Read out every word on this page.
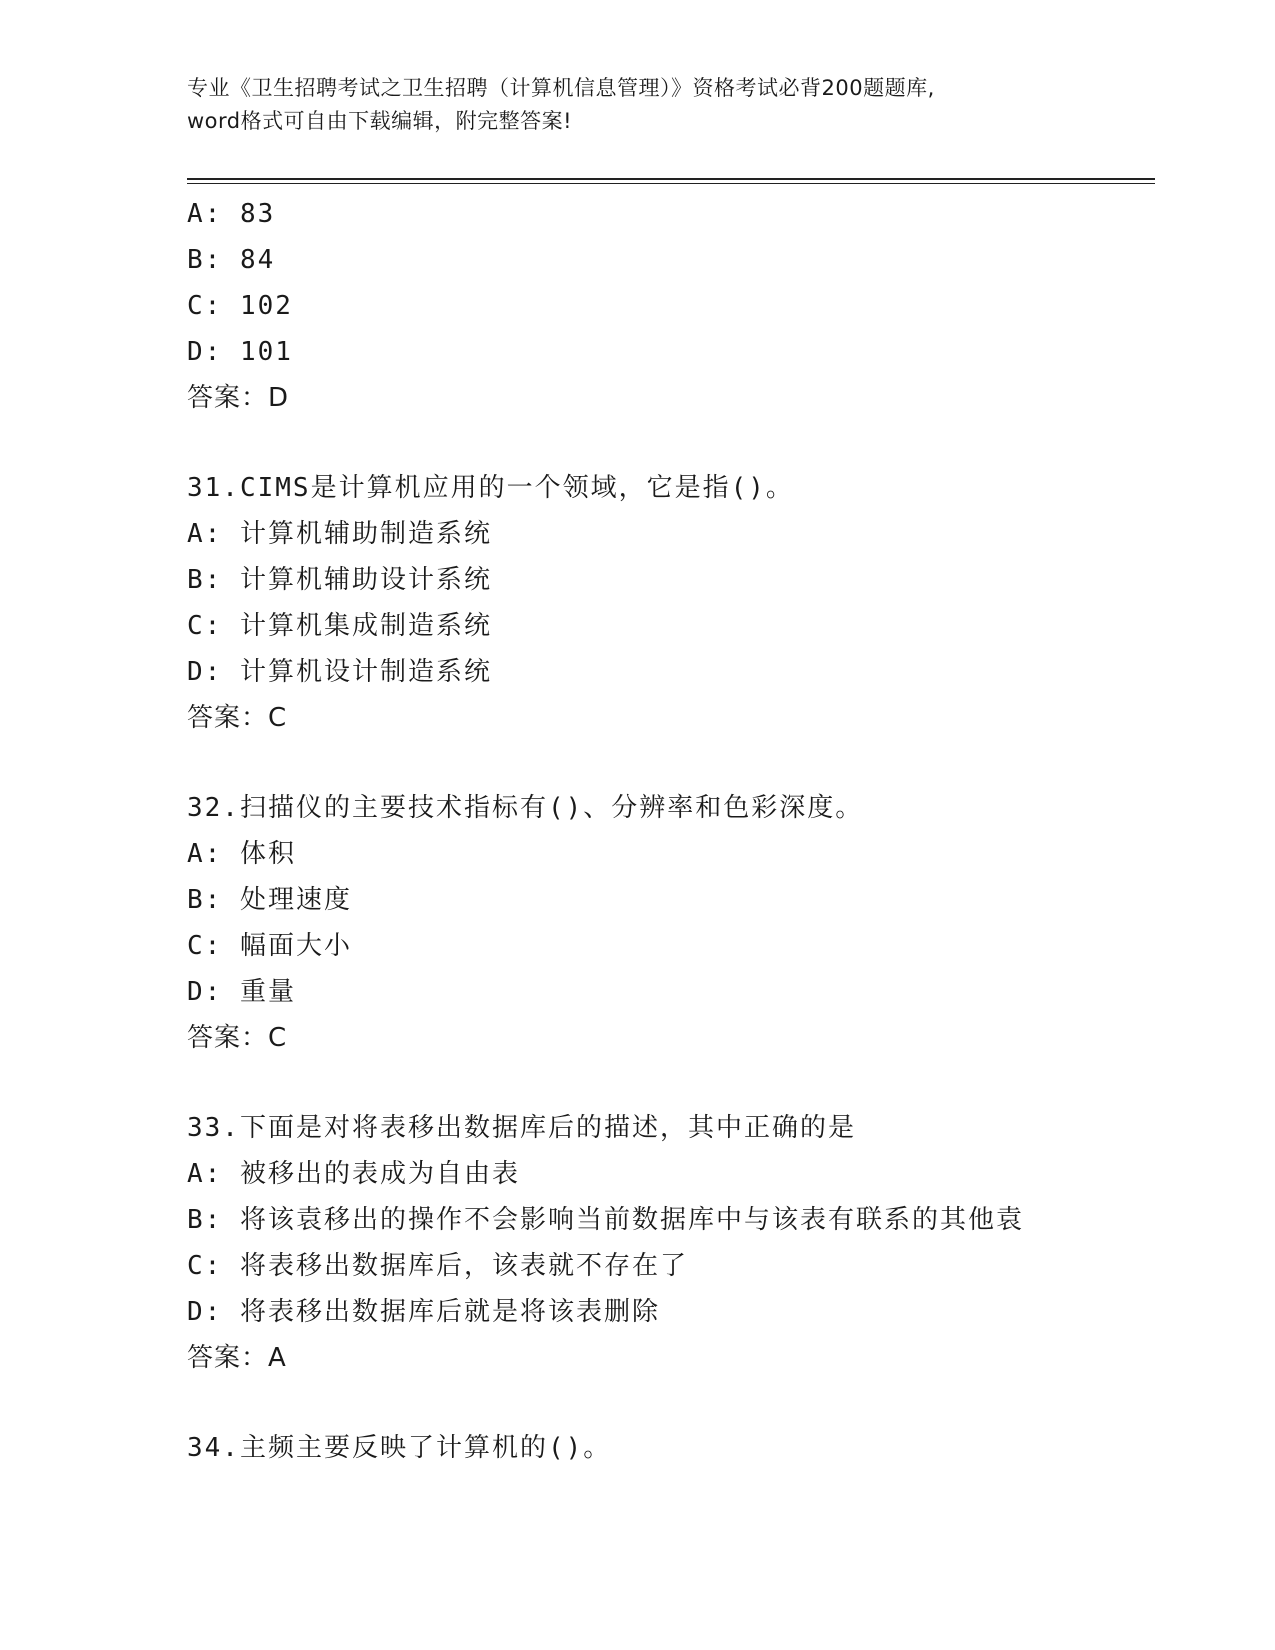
专业《卫生招聘考试之卫生招聘（计算机信息管理）》资格考试必背200题题库,
word格式可自由下载编辑，附完整答案!
A: 83
B: 84
C: 102
D: 101
答案：D
31.CIMS是计算机应用的一个领域，它是指()。
A: 计算机辅助制造系统
B: 计算机辅助设计系统
C: 计算机集成制造系统
D: 计算机设计制造系统
答案：C
32.扫描仪的主要技术指标有()、分辨率和色彩深度。
A: 体积
B: 处理速度
C: 幅面大小
D: 重量
答案：C
33.下面是对将表移出数据库后的描述，其中正确的是
A: 被移出的表成为自由表
B: 将该袁移出的操作不会影响当前数据库中与该表有联系的其他袁
C: 将表移出数据库后，该表就不存在了
D: 将表移出数据库后就是将该表删除
答案：A
34.主频主要反映了计算机的()。
